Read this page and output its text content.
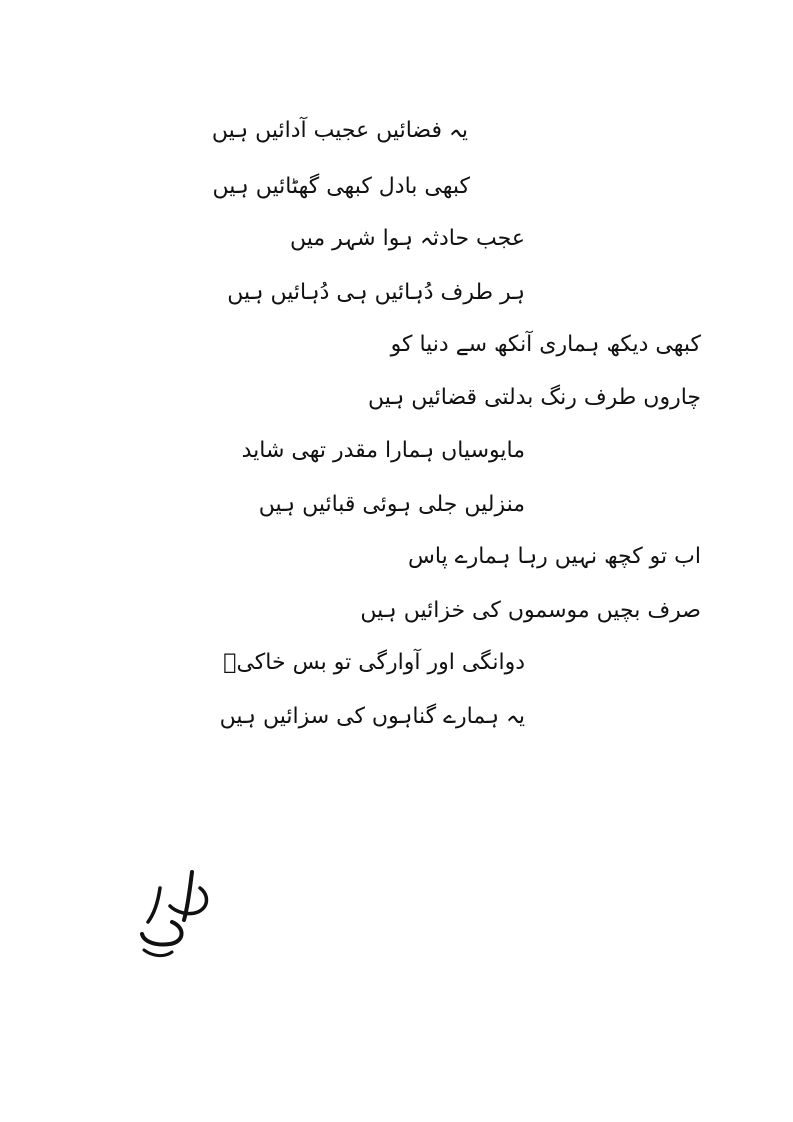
یہ فضائیں عجیب آدائیں ہیں
کبھی بادل کبھی گھٹائیں ہیں
عجب حادثہ ہوا شہر میں
ہر طرف دُہائیں ہی دُہائیں ہیں
کبھی دیکھ ہماری آنکھ سے دنیا کو
چاروں طرف رنگ بدلتی قضائیں ہیں
مایوسیاں ہمارا مقدر تھی شاید
منزلیں جلی ہوئی قبائیں ہیں
اب تو کچھ نہیں رہا ہمارے پاس
صرف بچیں موسموں کی خزائیں ہیں
دوانگی اور آوارگی تو بس خاکیؔ
یہ ہمارے گناہوں کی سزائیں ہیں
